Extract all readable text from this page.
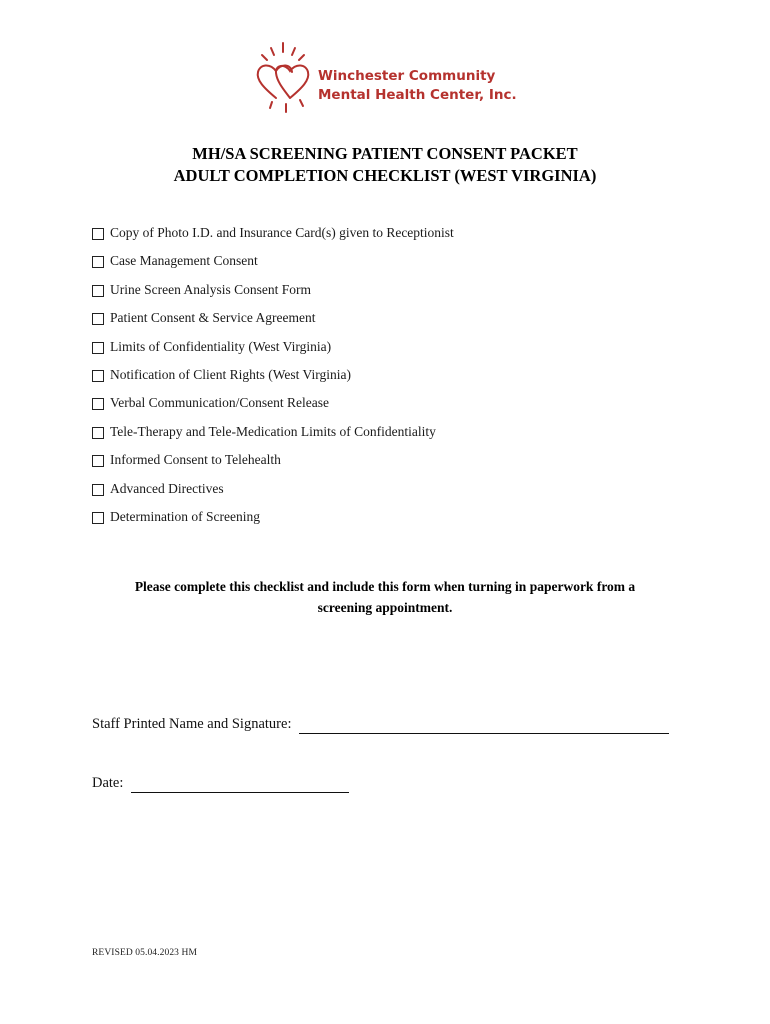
Winchester Community
Mental Health Center, Inc.
MH/SA SCREENING PATIENT CONSENT PACKET
ADULT COMPLETION CHECKLIST (WEST VIRGINIA)
Copy of Photo I.D. and Insurance Card(s) given to Receptionist
Case Management Consent
Urine Screen Analysis Consent Form
Patient Consent & Service Agreement
Limits of Confidentiality (West Virginia)
Notification of Client Rights (West Virginia)
Verbal Communication/Consent Release
Tele-Therapy and Tele-Medication Limits of Confidentiality
Informed Consent to Telehealth
Advanced Directives
Determination of Screening
Please complete this checklist and include this form when turning in paperwork from a
screening appointment.
Staff Printed Name and Signature:
Date:
REVISED 05.04.2023 HM
